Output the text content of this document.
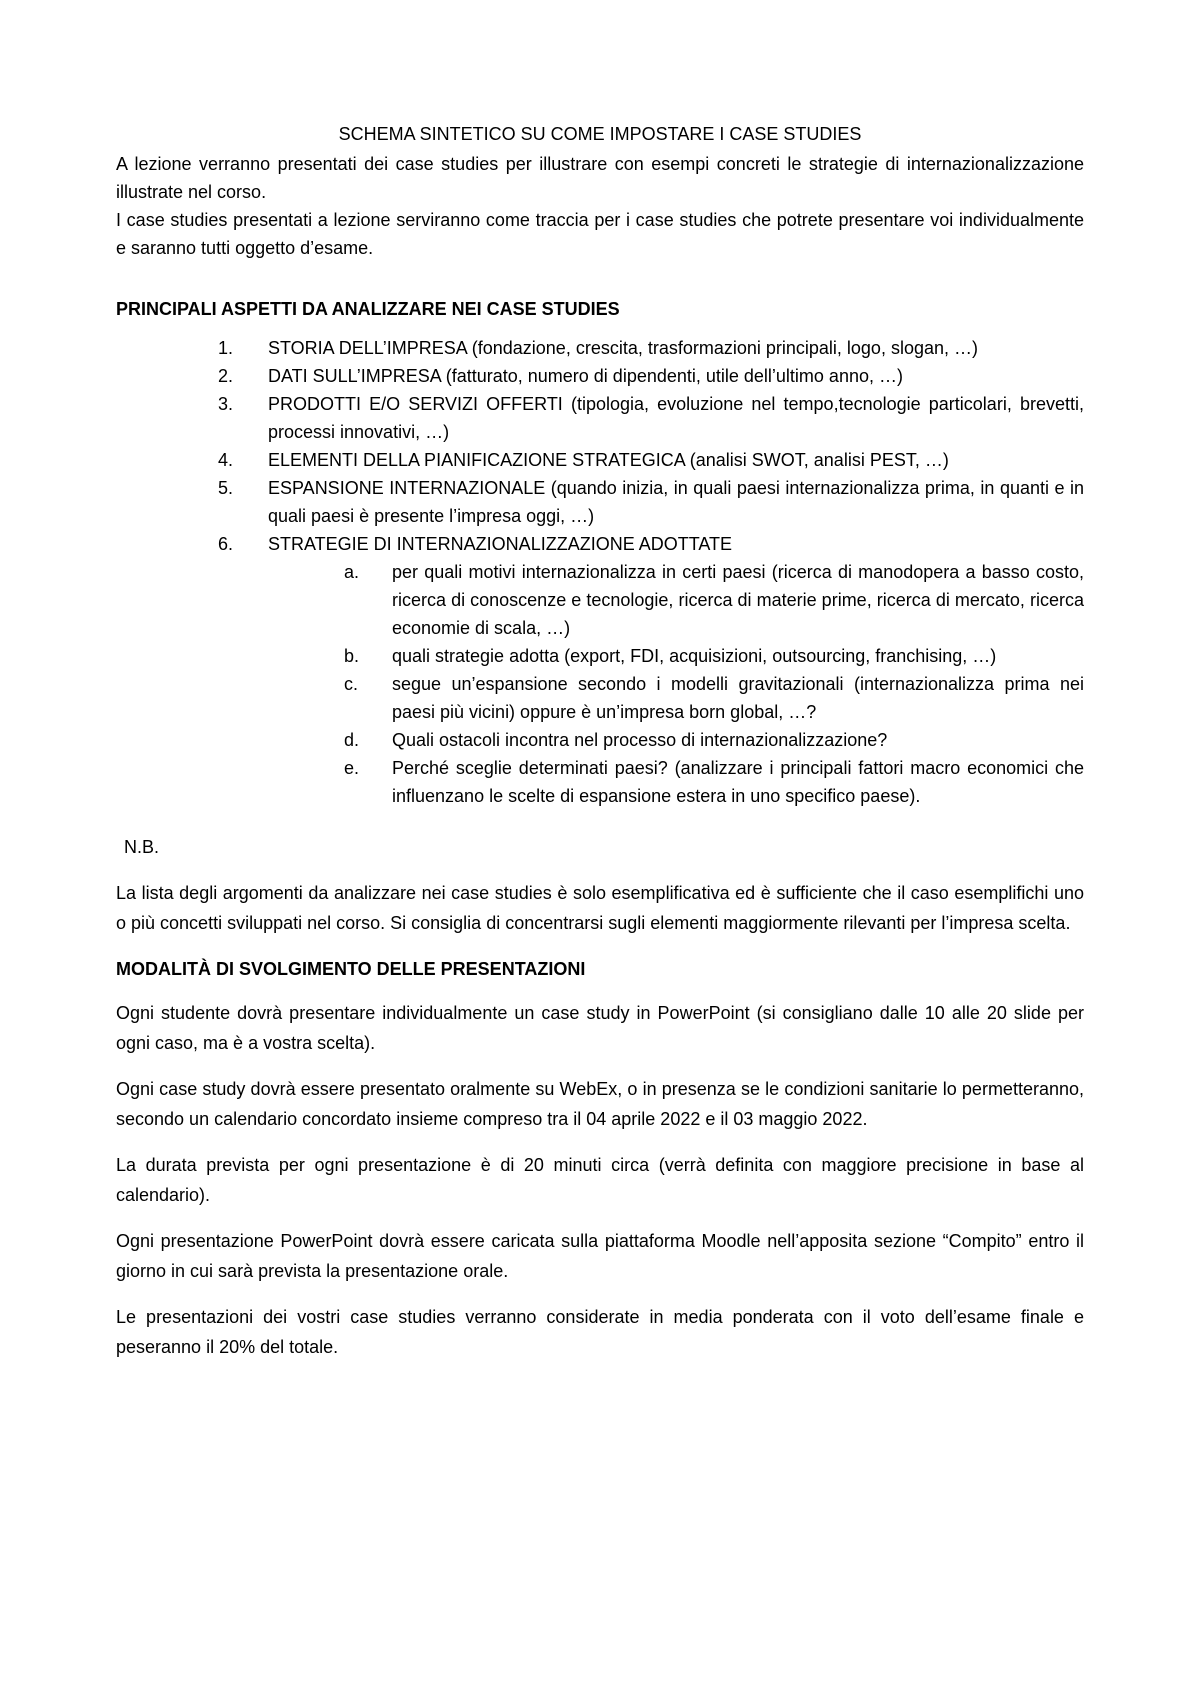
SCHEMA SINTETICO SU COME IMPOSTARE I CASE STUDIES

A lezione verranno presentati dei case studies per illustrare con esempi concreti le strategie di internazionalizzazione illustrate nel corso.

I case studies presentati a lezione serviranno come traccia per i case studies che potrete presentare voi individualmente e saranno tutti oggetto d’esame.

PRINCIPALI ASPETTI DA ANALIZZARE NEI CASE STUDIES

1. STORIA DELL’IMPRESA (fondazione, crescita, trasformazioni principali, logo, slogan, …)
2. DATI SULL’IMPRESA (fatturato, numero di dipendenti, utile dell’ultimo anno, …)
3. PRODOTTI E/O SERVIZI OFFERTI (tipologia, evoluzione nel tempo,tecnologie particolari, brevetti, processi innovativi, …)
4. ELEMENTI DELLA PIANIFICAZIONE STRATEGICA (analisi SWOT, analisi PEST, …)
5. ESPANSIONE INTERNAZIONALE (quando inizia, in quali paesi internazionalizza prima, in quanti e in quali paesi è presente l’impresa oggi, …)
6. STRATEGIE DI INTERNAZIONALIZZAZIONE ADOTTATE
a. per quali motivi internazionalizza in certi paesi (ricerca di manodopera a basso costo, ricerca di conoscenze e tecnologie, ricerca di materie prime, ricerca di mercato, ricerca economie di scala, …)
b. quali strategie adotta (export, FDI, acquisizioni, outsourcing, franchising, …)
c. segue un’espansione secondo i modelli gravitazionali (internazionalizza prima nei paesi più vicini) oppure è un’impresa born global, …?
d. Quali ostacoli incontra nel processo di internazionalizzazione?
e. Perché sceglie determinati paesi? (analizzare i principali fattori macro economici che influenzano le scelte di espansione estera in uno specifico paese).

N.B.

La lista degli argomenti da analizzare nei case studies è solo esemplificativa ed è sufficiente che il caso esemplifichi uno o più concetti sviluppati nel corso. Si consiglia di concentrarsi sugli elementi maggiormente rilevanti per l’impresa scelta.

MODALITÀ DI SVOLGIMENTO DELLE PRESENTAZIONI

Ogni studente dovrà presentare individualmente un case study in PowerPoint (si consigliano dalle 10 alle 20 slide per ogni caso, ma è a vostra scelta).

Ogni case study dovrà essere presentato oralmente su WebEx, o in presenza se le condizioni sanitarie lo permetteranno, secondo un calendario concordato insieme compreso tra il 04 aprile 2022 e il 03 maggio 2022.

La durata prevista per ogni presentazione è di 20 minuti circa (verrà definita con maggiore precisione in base al calendario).

Ogni presentazione PowerPoint dovrà essere caricata sulla piattaforma Moodle nell’apposita sezione “Compito” entro il giorno in cui sarà prevista la presentazione orale.

Le presentazioni dei vostri case studies verranno considerate in media ponderata con il voto dell’esame finale e peseranno il 20% del totale.
